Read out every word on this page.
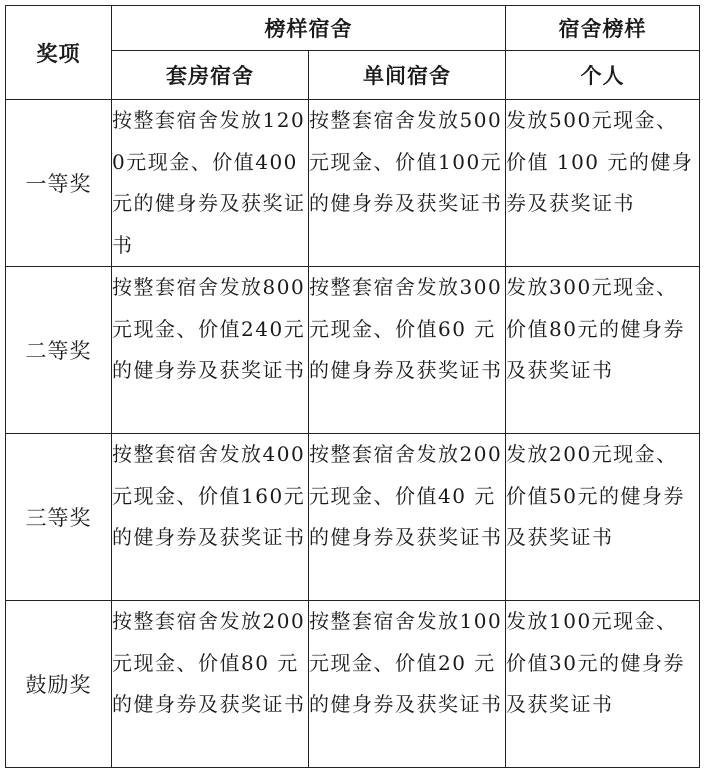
奖项	榜样宿舍		宿舍榜样
	套房宿舍	单间宿舍	个人
一等奖	按整套宿舍发放1200元现金、价值400元的健身券及获奖证书	按整套宿舍发放500元现金、价值100元的健身券及获奖证书	发放500元现金、价值 100 元的健身券及获奖证书
二等奖	按整套宿舍发放800 元现金、价值240元的健身券及获奖证书	按整套宿舍发放300 元现金、价值60 元的健身券及获奖证书	发放300元现金、价值80元的健身券及获奖证书
三等奖	按整套宿舍发放400 元现金、价值160元的健身券及获奖证书	按整套宿舍发放200 元现金、价值40 元的健身券及获奖证书	发放200元现金、价值50元的健身券及获奖证书
鼓励奖	按整套宿舍发放200 元现金、价值80 元的健身券及获奖证书	按整套宿舍发放100 元现金、价值20 元的健身券及获奖证书	发放100元现金、价值30元的健身券及获奖证书
